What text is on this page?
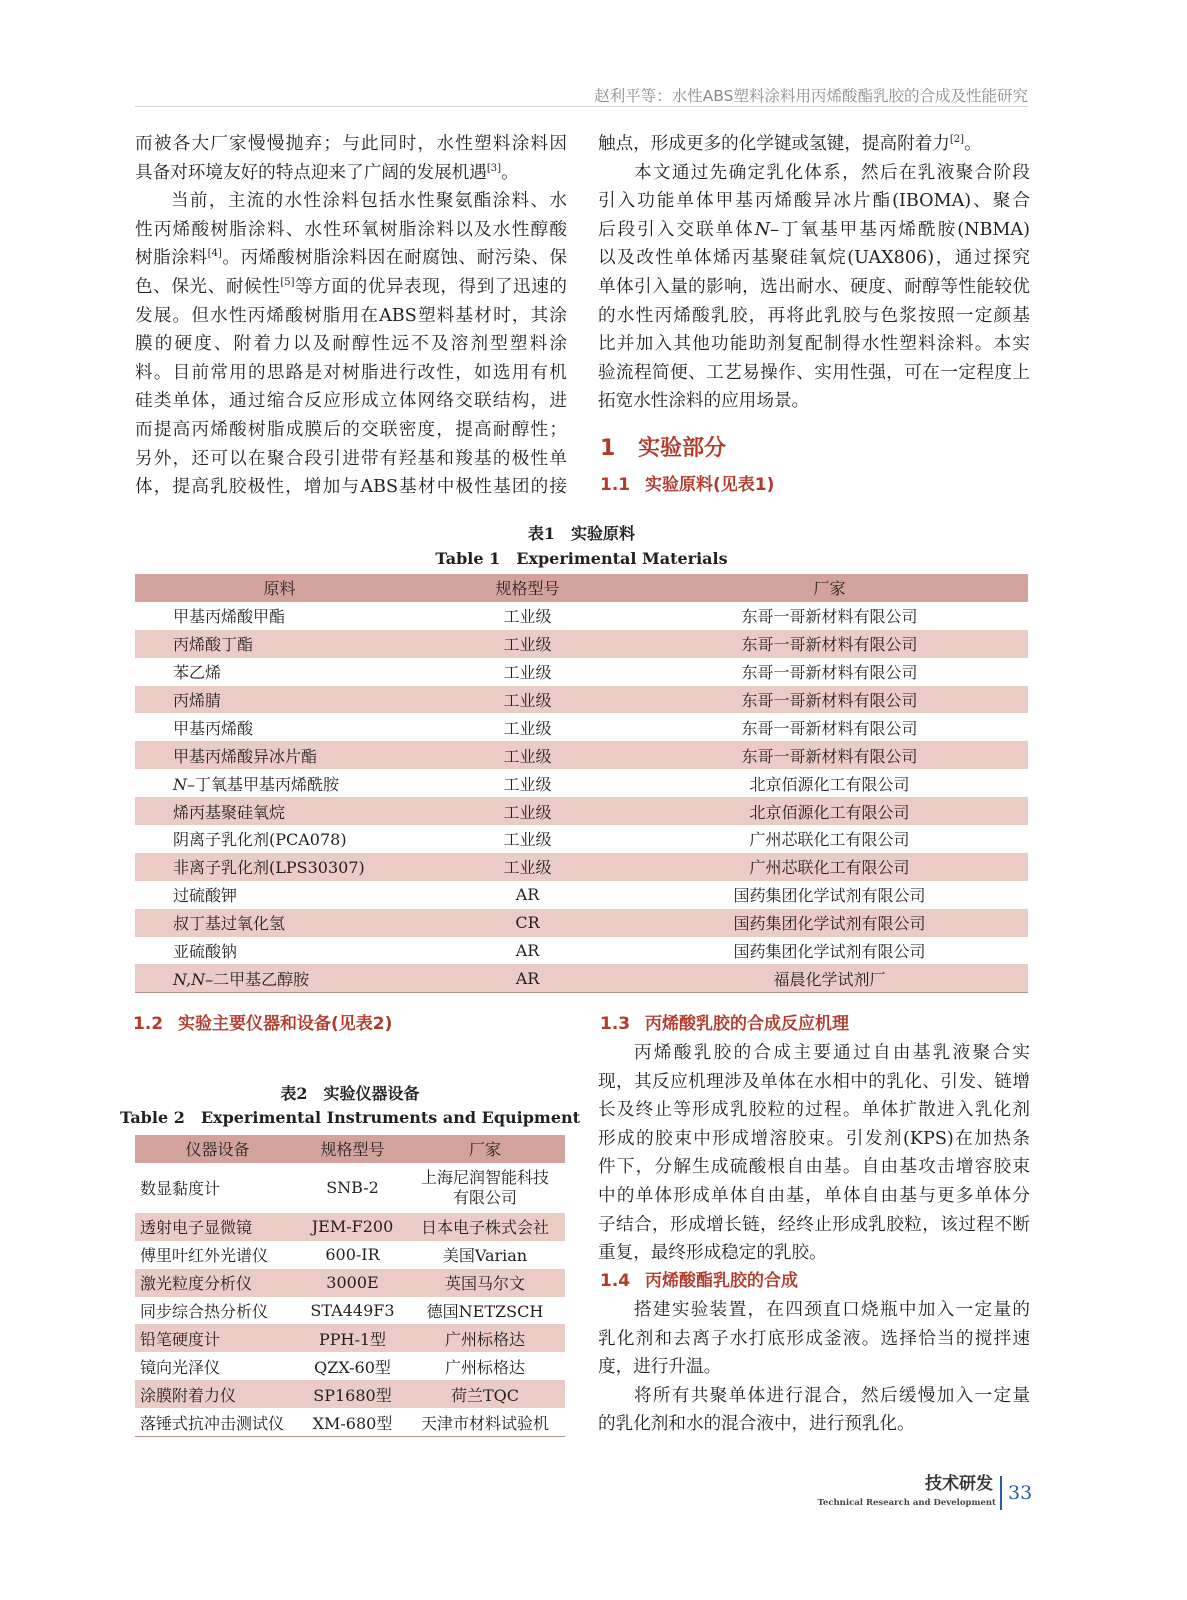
赵利平等：水性ABS塑料涂料用丙烯酸酯乳胶的合成及性能研究
而被各大厂家慢慢抛弃；与此同时，水性塑料涂料因
具备对环境友好的特点迎来了广阔的发展机遇[3]。
当前，主流的水性涂料包括水性聚氨酯涂料、水
性丙烯酸树脂涂料、水性环氧树脂涂料以及水性醇酸
树脂涂料[4]。丙烯酸树脂涂料因在耐腐蚀、耐污染、保
色、保光、耐候性[5]等方面的优异表现，得到了迅速的
发展。但水性丙烯酸树脂用在ABS塑料基材时，其涂
膜的硬度、附着力以及耐醇性远不及溶剂型塑料涂
料。目前常用的思路是对树脂进行改性，如选用有机
硅类单体，通过缩合反应形成立体网络交联结构，进
而提高丙烯酸树脂成膜后的交联密度，提高耐醇性；
另外，还可以在聚合段引进带有羟基和羧基的极性单
体，提高乳胶极性，增加与ABS基材中极性基团的接
触点，形成更多的化学键或氢键，提高附着力[2]。
本文通过先确定乳化体系，然后在乳液聚合阶段
引入功能单体甲基丙烯酸异冰片酯(IBOMA)、聚合
后段引入交联单体N–丁氧基甲基丙烯酰胺(NBMA)
以及改性单体烯丙基聚硅氧烷(UAX806)，通过探究
单体引入量的影响，选出耐水、硬度、耐醇等性能较优
的水性丙烯酸乳胶，再将此乳胶与色浆按照一定颜基
比并加入其他功能助剂复配制得水性塑料涂料。本实
验流程简便、工艺易操作、实用性强，可在一定程度上
拓宽水性涂料的应用场景。
1 实验部分
1.1 实验原料(见表1)
表1　实验原料
Table 1　Experimental Materials
原料	规格型号	厂家
甲基丙烯酸甲酯	工业级	东哥一哥新材料有限公司
丙烯酸丁酯	工业级	东哥一哥新材料有限公司
苯乙烯	工业级	东哥一哥新材料有限公司
丙烯腈	工业级	东哥一哥新材料有限公司
甲基丙烯酸	工业级	东哥一哥新材料有限公司
甲基丙烯酸异冰片酯	工业级	东哥一哥新材料有限公司
N–丁氧基甲基丙烯酰胺	工业级	北京佰源化工有限公司
烯丙基聚硅氧烷	工业级	北京佰源化工有限公司
阴离子乳化剂(PCA078)	工业级	广州芯联化工有限公司
非离子乳化剂(LPS30307)	工业级	广州芯联化工有限公司
过硫酸钾	AR	国药集团化学试剂有限公司
叔丁基过氧化氢	CR	国药集团化学试剂有限公司
亚硫酸钠	AR	国药集团化学试剂有限公司
N,N–二甲基乙醇胺	AR	福晨化学试剂厂
1.2 实验主要仪器和设备(见表2)
表2　实验仪器设备
Table 2　Experimental Instruments and Equipment
仪器设备	规格型号	厂家
数显黏度计	SNB-2	上海尼润智能科技有限公司

透射电子显微镜	JEM-F200	日本电子株式会社
傅里叶红外光谱仪	600-IR	美国Varian
激光粒度分析仪	3000E	英国马尔文
同步综合热分析仪	STA449F3	德国NETZSCH
铅笔硬度计	PPH-1型	广州标格达
镜向光泽仪	QZX-60型	广州标格达
涂膜附着力仪	SP1680型	荷兰TQC
落锤式抗冲击测试仪	XM-680型	天津市材料试验机
1.3 丙烯酸乳胶的合成反应机理
丙烯酸乳胶的合成主要通过自由基乳液聚合实
现，其反应机理涉及单体在水相中的乳化、引发、链增
长及终止等形成乳胶粒的过程。单体扩散进入乳化剂
形成的胶束中形成增溶胶束。引发剂(KPS)在加热条
件下，分解生成硫酸根自由基。自由基攻击增容胶束
中的单体形成单体自由基，单体自由基与更多单体分
子结合，形成增长链，经终止形成乳胶粒，该过程不断
重复，最终形成稳定的乳胶。
1.4 丙烯酸酯乳胶的合成
搭建实验装置，在四颈直口烧瓶中加入一定量的
乳化剂和去离子水打底形成釜液。选择恰当的搅拌速
度，进行升温。
将所有共聚单体进行混合，然后缓慢加入一定量
的乳化剂和水的混合液中，进行预乳化。
技术研发
Technical Research and Development 33
